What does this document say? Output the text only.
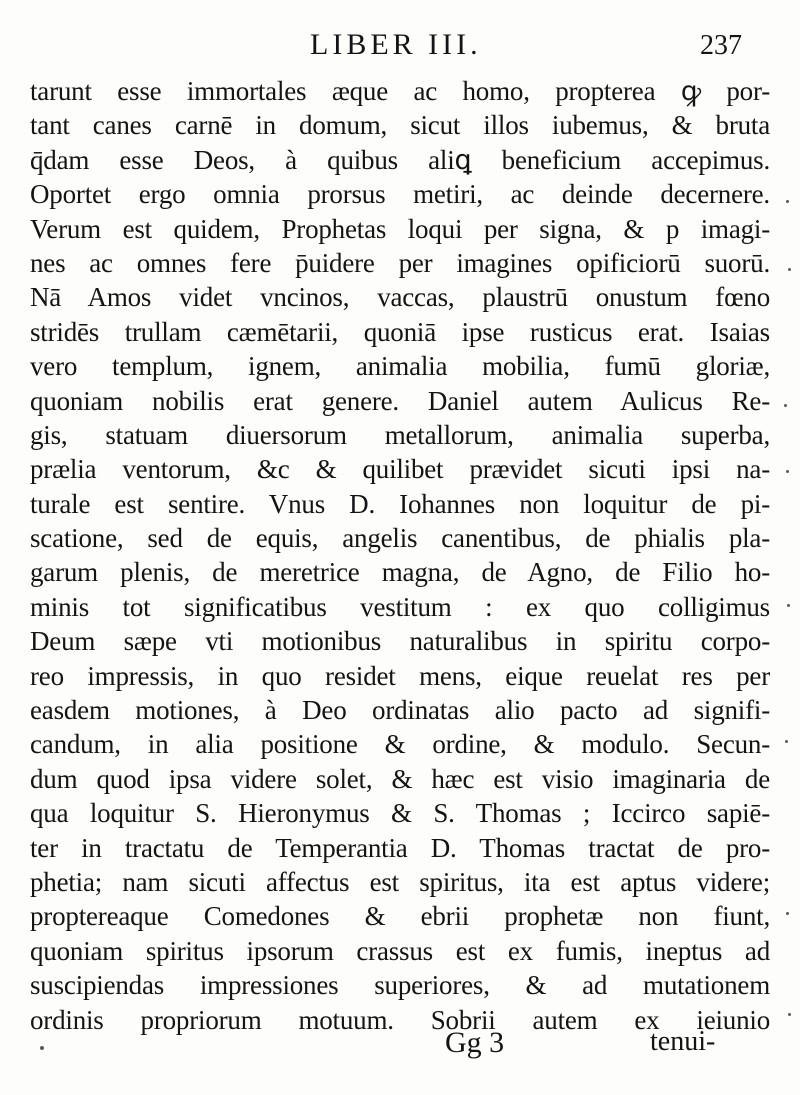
LIBER III.	237
tarunt esse immortales æque ac homo, propterea ꝙ por-
tant canes carnē in domum, sicut illos iubemus, & bruta
q̄dam esse Deos, à quibus aliꝗ beneficium accepimus.
Oportet ergo omnia prorsus metiri, ac deinde decernere.
Verum est quidem, Prophetas loqui per signa, & p imagi-
nes ac omnes fere p̄uidere per imagines opificiorū suorū.
Nā Amos videt vncinos, vaccas, plaustrū onustum fœno
stridēs trullam cæmētarii, quoniā ipse rusticus erat. Isaias
vero templum, ignem, animalia mobilia, fumū gloriæ,
quoniam nobilis erat genere. Daniel autem Aulicus Re-
gis, statuam diuersorum metallorum, animalia superba,
prælia ventorum, &c & quilibet prævidet sicuti ipsi na-
turale est sentire. Vnus D. Iohannes non loquitur de pi-
scatione, sed de equis, angelis canentibus, de phialis pla-
garum plenis, de meretrice magna, de Agno, de Filio ho-
minis tot significatibus vestitum : ex quo colligimus
Deum sæpe vti motionibus naturalibus in spiritu corpo-
reo impressis, in quo residet mens, eique reuelat res per
easdem motiones, à Deo ordinatas alio pacto ad signifi-
candum, in alia positione & ordine, & modulo. Secun-
dum quod ipsa videre solet, & hæc est visio imaginaria de
qua loquitur S. Hieronymus & S. Thomas ; Iccirco sapiē-
ter in tractatu de Temperantia D. Thomas tractat de pro-
phetia; nam sicuti affectus est spiritus, ita est aptus videre;
proptereaque Comedones & ebrii prophetæ non fiunt,
quoniam spiritus ipsorum crassus est ex fumis, ineptus ad
suscipiendas impressiones superiores, & ad mutationem
ordinis propriorum motuum. Sobrii autem ex ieiunio
Gg 3	tenui-
